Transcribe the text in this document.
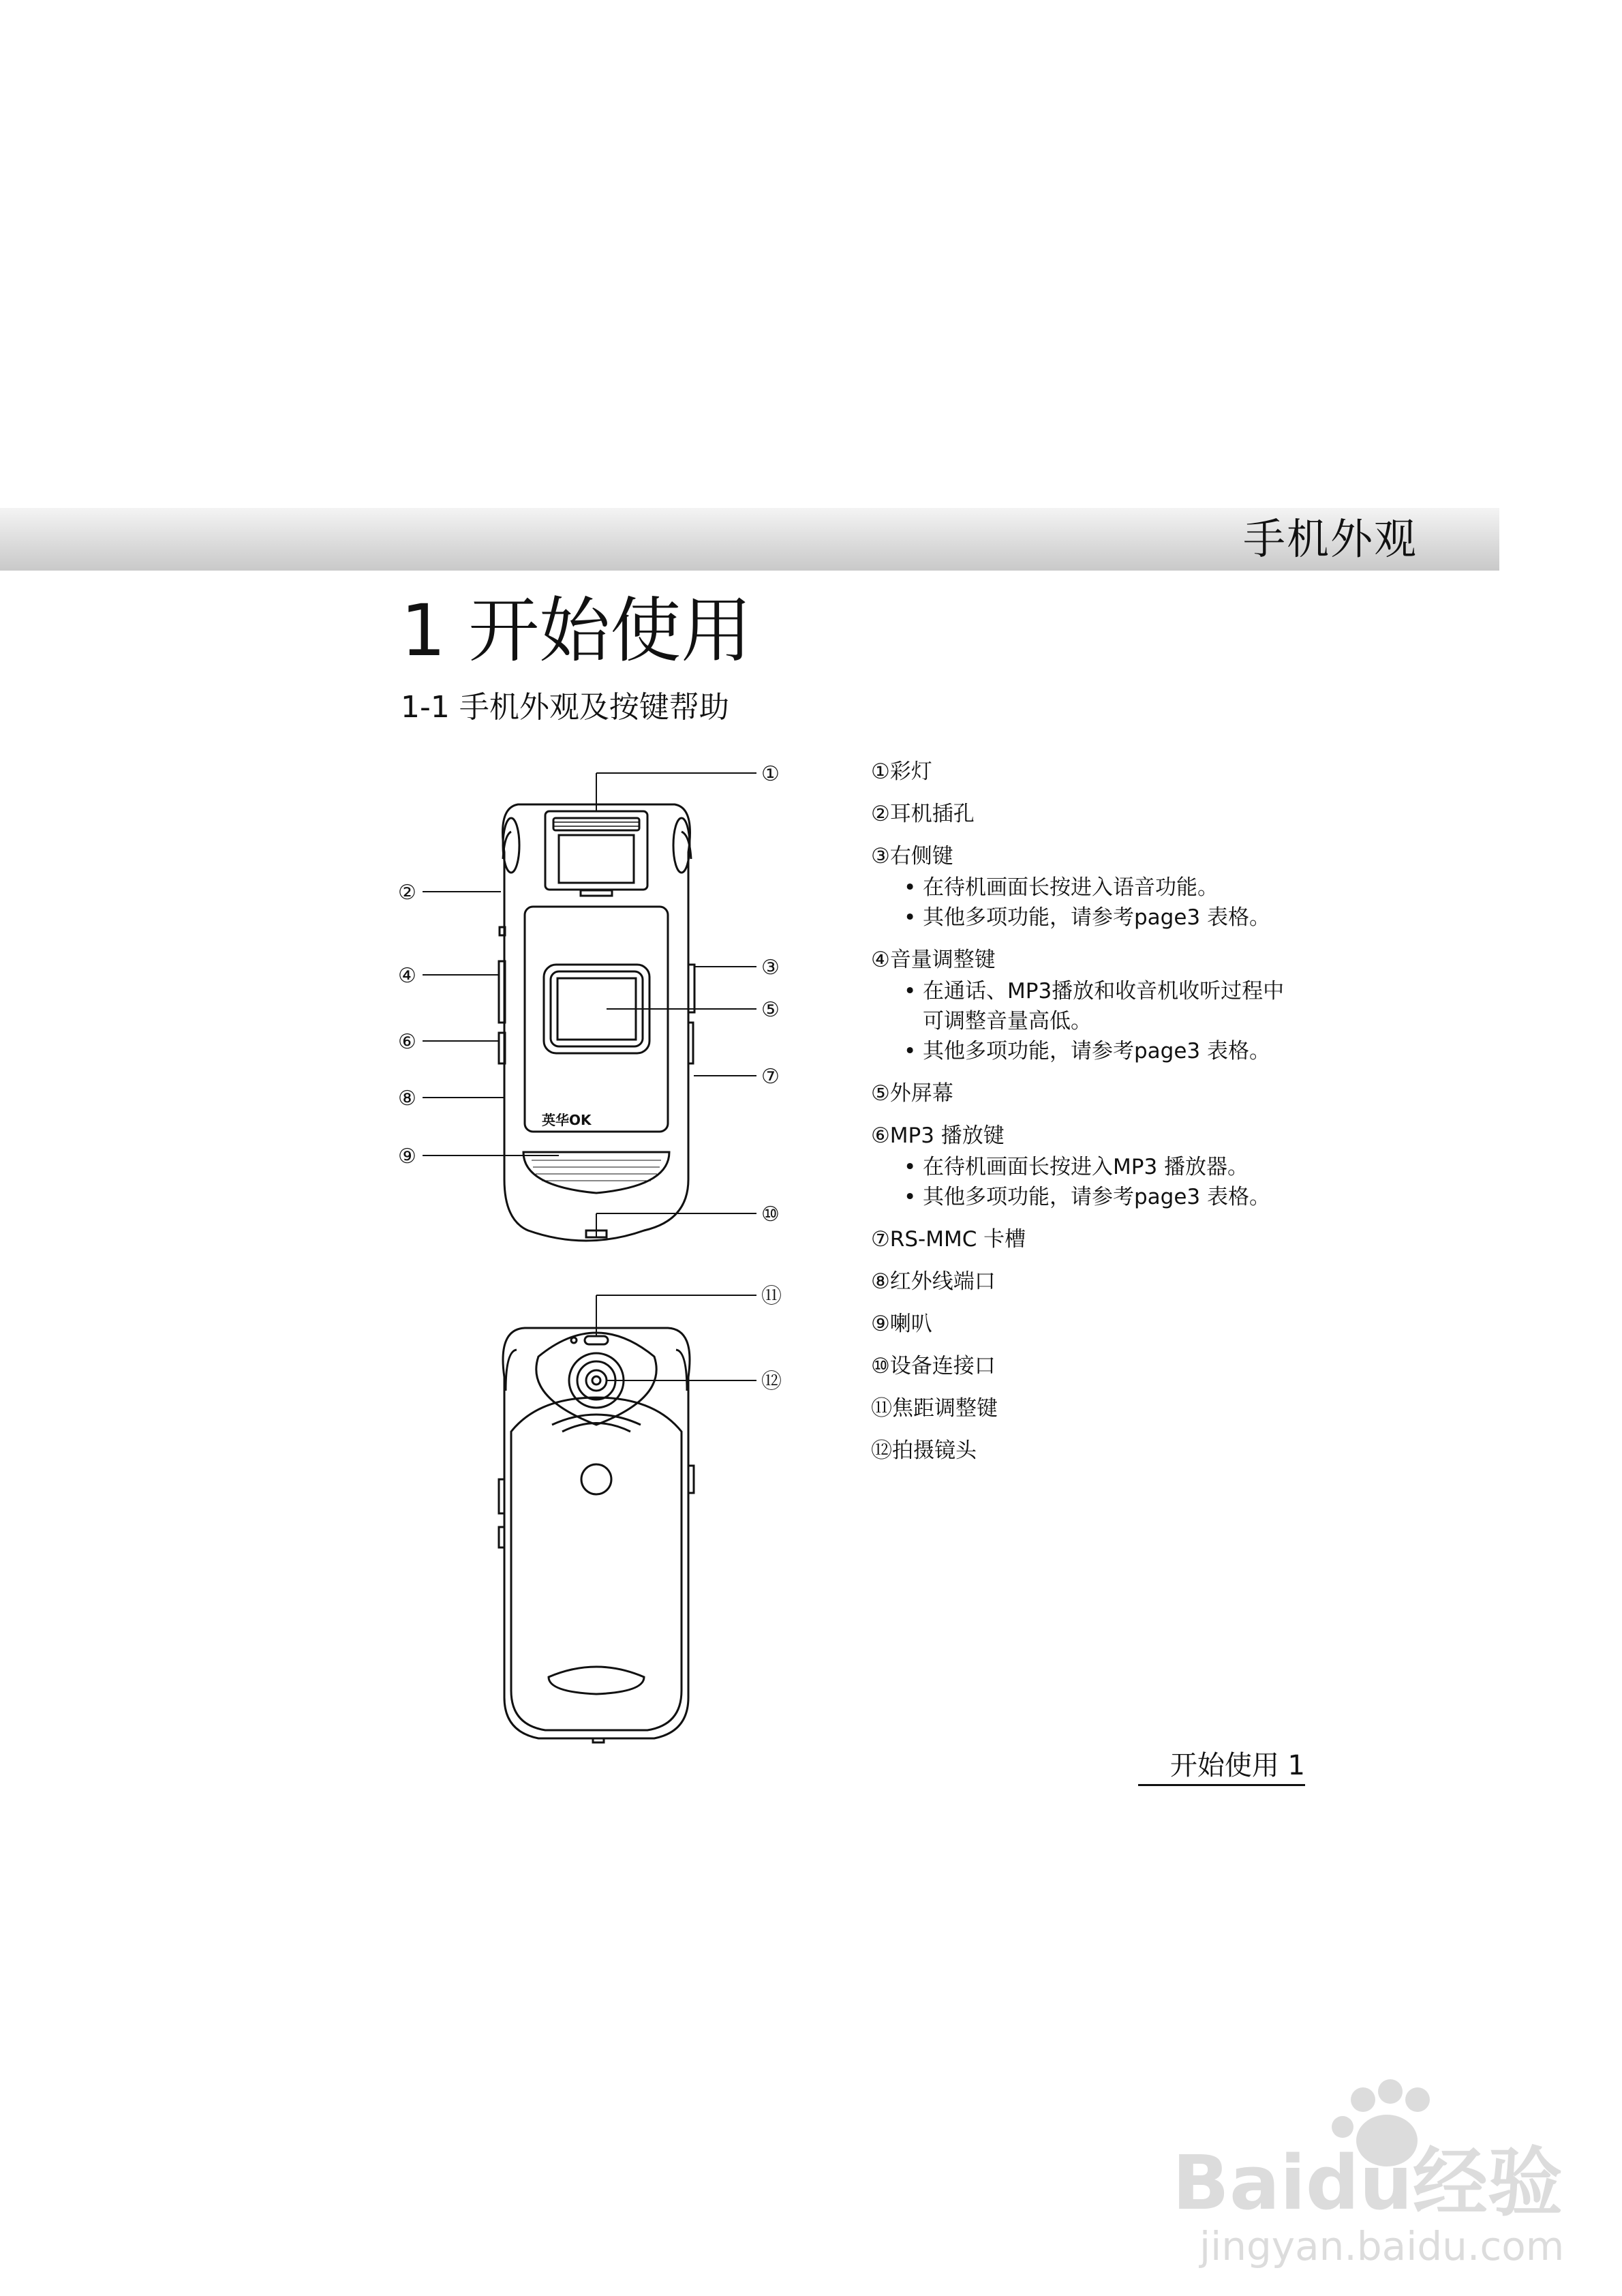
手机外观
1 开始使用
1-1 手机外观及按键帮助
英华OK
①
②
③
④
⑤
⑥
⑦
⑧
⑨
⑩
⑪
⑫
①彩灯
②耳机插孔
③右侧键
• 在待机画面长按进入语音功能。
• 其他多项功能，请参考page3 表格。
④音量调整键
• 在通话、MP3播放和收音机收听过程中可调整音量高低。
• 其他多项功能，请参考page3 表格。
⑤外屏幕
⑥MP3 播放键
• 在待机画面长按进入MP3 播放器。
• 其他多项功能，请参考page3 表格。
⑦RS-MMC 卡槽
⑧红外线端口
⑨喇叭
⑩设备连接口
⑪焦距调整键
⑫拍摄镜头
开始使用 1
Baidu经验
jingyan.baidu.com
